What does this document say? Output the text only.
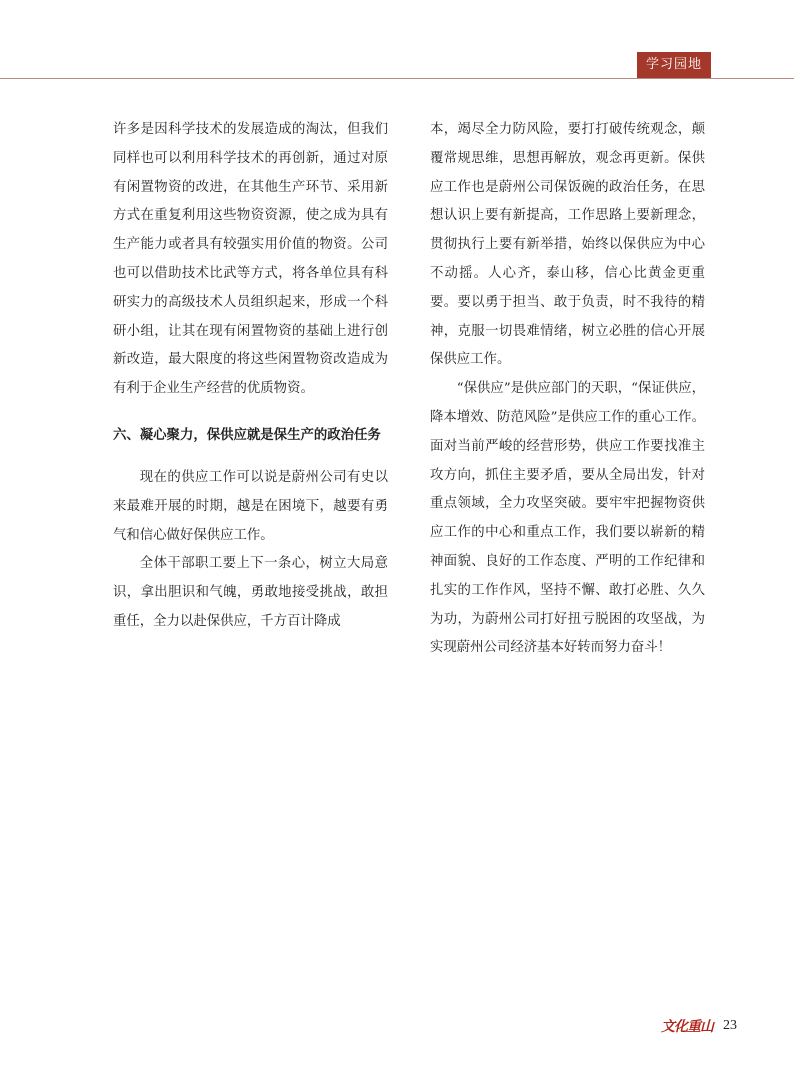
学习园地

许多是因科学技术的发展造成的淘汰，但我们同样也可以利用科学技术的再创新，通过对原有闲置物资的改进，在其他生产环节、采用新方式在重复利用这些物资资源，使之成为具有生产能力或者具有较强实用价值的物资。公司也可以借助技术比武等方式，将各单位具有科研实力的高级技术人员组织起来，形成一个科研小组，让其在现有闲置物资的基础上进行创新改造，最大限度的将这些闲置物资改造成为有利于企业生产经营的优质物资。

六、凝心聚力，保供应就是保生产的政治任务

现在的供应工作可以说是蔚州公司有史以来最难开展的时期，越是在困境下，越要有勇气和信心做好保供应工作。

全体干部职工要上下一条心，树立大局意识，拿出胆识和气魄，勇敢地接受挑战，敢担重任，全力以赴保供应，千方百计降成

本，竭尽全力防风险，要打打破传统观念，颠覆常规思维，思想再解放，观念再更新。保供应工作也是蔚州公司保饭碗的政治任务，在思想认识上要有新提高，工作思路上要新理念，贯彻执行上要有新举措，始终以保供应为中心不动摇。人心齐，泰山移，信心比黄金更重要。要以勇于担当、敢于负责，时不我待的精神，克服一切畏难情绪，树立必胜的信心开展保供应工作。

“保供应”是供应部门的天职，“保证供应，降本增效、防范风险”是供应工作的重心工作。面对当前严峻的经营形势，供应工作要找准主攻方向，抓住主要矛盾，要从全局出发，针对重点领域，全力攻坚突破。要牢牢把握物资供应工作的中心和重点工作，我们要以崭新的精神面貌、良好的工作态度、严明的工作纪律和扎实的工作作风，坚持不懈、敢打必胜、久久为功，为蔚州公司打好扭亏脱困的攻坚战，为实现蔚州公司经济基本好转而努力奋斗！

文化重山 23
